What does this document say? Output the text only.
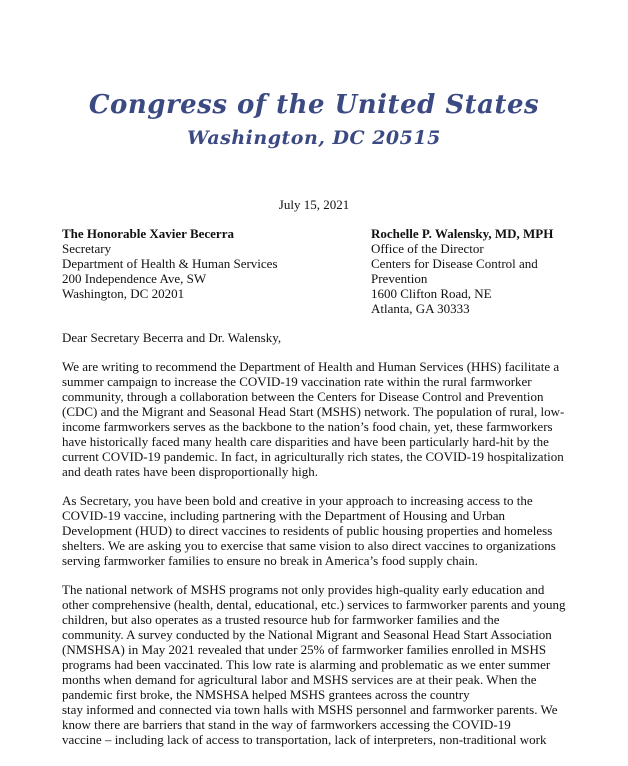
Congress of the United States
Washington, DC 20515
July 15, 2021
The Honorable Xavier Becerra
Secretary
Department of Health & Human Services
200 Independence Ave, SW
Washington, DC 20201
Rochelle P. Walensky, MD, MPH
Office of the Director
Centers for Disease Control and
Prevention
1600 Clifton Road, NE
Atlanta, GA 30333
Dear Secretary Becerra and Dr. Walensky,

We are writing to recommend the Department of Health and Human Services (HHS) facilitate a
summer campaign to increase the COVID-19 vaccination rate within the rural farmworker
community, through a collaboration between the Centers for Disease Control and Prevention
(CDC) and the Migrant and Seasonal Head Start (MSHS) network. The population of rural, low-
income farmworkers serves as the backbone to the nation’s food chain, yet, these farmworkers
have historically faced many health care disparities and have been particularly hard-hit by the
current COVID-19 pandemic. In fact, in agriculturally rich states, the COVID-19 hospitalization
and death rates have been disproportionally high.

As Secretary, you have been bold and creative in your approach to increasing access to the
COVID-19 vaccine, including partnering with the Department of Housing and Urban
Development (HUD) to direct vaccines to residents of public housing properties and homeless
shelters. We are asking you to exercise that same vision to also direct vaccines to organizations
serving farmworker families to ensure no break in America’s food supply chain.

The national network of MSHS programs not only provides high-quality early education and
other comprehensive (health, dental, educational, etc.) services to farmworker parents and young
children, but also operates as a trusted resource hub for farmworker families and the
community. A survey conducted by the National Migrant and Seasonal Head Start Association
(NMSHSA) in May 2021 revealed that under 25% of farmworker families enrolled in MSHS
programs had been vaccinated. This low rate is alarming and problematic as we enter summer
months when demand for agricultural labor and MSHS services are at their peak. When the
pandemic first broke, the NMSHSA helped MSHS grantees across the country
stay informed and connected via town halls with MSHS personnel and farmworker parents. We
know there are barriers that stand in the way of farmworkers accessing the COVID-19
vaccine – including lack of access to transportation, lack of interpreters, non-traditional work
